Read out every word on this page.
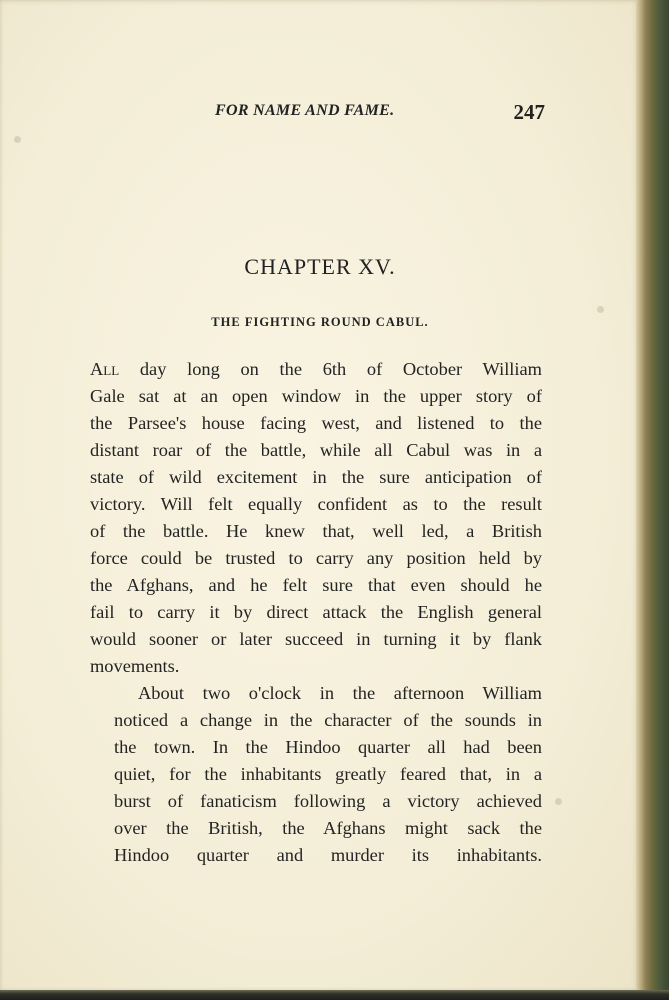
FOR NAME AND FAME.	247
CHAPTER XV.
THE FIGHTING ROUND CABUL.

All day long on the 6th of October William
Gale sat at an open window in the upper story of
the Parsee's house facing west, and listened to the
distant roar of the battle, while all Cabul was in a
state of wild excitement in the sure anticipation of
victory. Will felt equally confident as to the result
of the battle. He knew that, well led, a British
force could be trusted to carry any position held by
the Afghans, and he felt sure that even should he
fail to carry it by direct attack the English general
would sooner or later succeed in turning it by flank
movements.

About two o'clock in the afternoon William
noticed a change in the character of the sounds in
the town. In the Hindoo quarter all had been
quiet, for the inhabitants greatly feared that, in a
burst of fanaticism following a victory achieved
over the British, the Afghans might sack the
Hindoo quarter and murder its inhabitants.
